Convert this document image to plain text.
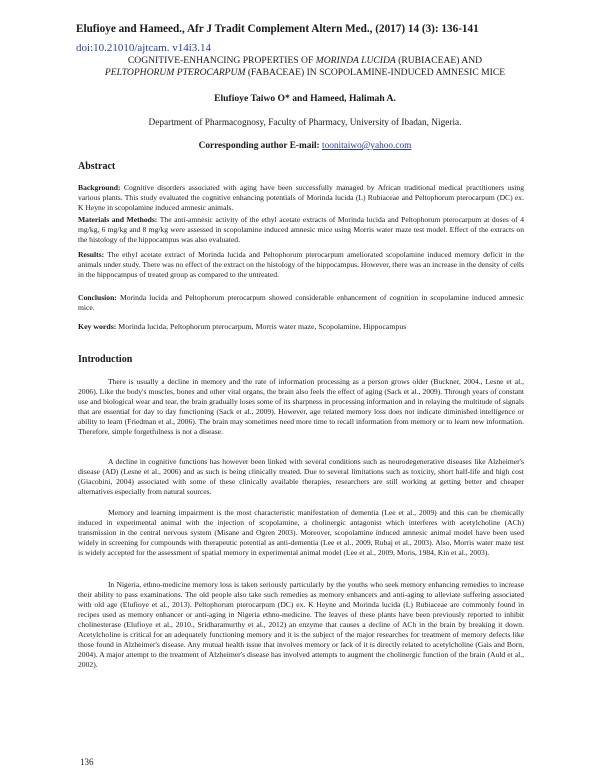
Elufioye and Hameed., Afr J Tradit Complement Altern Med., (2017) 14 (3): 136-141
doi:10.21010/ajtcam. v14i3.14
COGNITIVE-ENHANCING PROPERTIES OF MORINDA LUCIDA (RUBIACEAE) AND
PELTOPHORUM PTEROCARPUM (FABACEAE) IN SCOPOLAMINE-INDUCED AMNESIC MICE
Elufioye Taiwo O* and Hameed, Halimah A.
Department of Pharmacognosy, Faculty of Pharmacy, University of Ibadan, Nigeria.
Corresponding author E-mail: toonitaiwo@yahoo.com
Abstract

Background: Cognitive disorders associated with aging have been successfully managed by African traditional medical practitioners using various plants. This study evaluated the cognitive enhancing potentials of Morinda lucida (L) Rubiaceae and Peltophorum pterocarpum (DC) ex. K Heyne in scopolamine induced amnesic animals.

Materials and Methods: The anti-amnesic activity of the ethyl acetate extracts of Morinda lucida and Peltophorum pterocarpum at doses of 4 mg/kg, 6 mg/kg and 8 mg/kg were assessed in scopolamine induced amnesic mice using Morris water maze test model. Effect of the extracts on the histology of the hippocampus was also evaluated.

Results: The ethyl acetate extract of Morinda lucida and Peltophorum pterocarpum ameliorated scopolamine induced memory deficit in the animals under study. There was no effect of the extract on the histology of the hippocampus. However, there was an increase in the density of cells in the hippocampus of treated group as compared to the untreated.

Conclusion: Morinda lucida and Peltophorum pterocarpum showed considerable enhancement of cognition in scopolamine induced amnesic mice.

Key words: Morinda lucida, Peltophorum pterocarpum, Morris water maze, Scopolamine, Hippocampus
Introduction

There is usually a decline in memory and the rate of information processing as a person grows older (Buckner, 2004., Lesne et al., 2006). Like the body's muscles, bones and other vital organs, the brain also feels the effect of aging (Sack et al., 2009). Through years of constant use and biological wear and tear, the brain gradually loses some of its sharpness in processing information and in relaying the multitude of signals that are essential for day to day functioning (Sack et al., 2009). However, age related memory loss does not indicate diminished intelligence or ability to learn (Friedman et al., 2006). The brain may sometimes need more time to recall information from memory or to learn new information. Therefore, simple forgetfulness is not a disease.

A decline in cognitive functions has however been linked with several conditions such as neurodegenerative diseases like Alzheimer's disease (AD) (Lesne et al., 2006) and as such is being clinically treated. Due to several limitations such as toxicity, short half-life and high cost (Giacobini, 2004) associated with some of these clinically available therapies, researchers are still working at getting better and cheaper alternatives especially from natural sources.

Memory and learning impairment is the most characteristic manifestation of dementia (Lee et al., 2009) and this can be chemically induced in experimental animal with the injection of scopolamine, a cholinergic antagonist which interferes with acetylcholine (ACh) transmission in the central nervous system (Misane and Ogren 2003). Moreover, scopolamine induced amnesic animal model have been used widely in screening for compounds with therapeutic potential as anti-dementia (Lee et al., 2009, Rubaj et al., 2003). Also, Morris water maze test is widely accepted for the assessment of spatial memory in experimental animal model (Lee et al., 2009, Moris, 1984, Kin et al., 2003).

In Nigeria, ethno-medicine memory loss is taken seriously particularly by the youths who seek memory enhancing remedies to increase their ability to pass examinations. The old people also take such remedies as memory enhancers and anti-aging to alleviate suffering associated with old age (Elufioye et al., 2013). Peltophorum pterocarpum (DC) ex. K Heyne and Morinda lucida (L) Rubiaceae are commonly found in recipes used as memory enhancer or anti-aging in Nigeria ethno-medicine. The leaves of these plants have been previously reported to inhibit cholinesterase (Elufioye et al., 2010., Sridharamurthy et al., 2012) an enzyme that causes a decline of ACh in the brain by breaking it down. Acetylcholine is critical for an adequately functioning memory and it is the subject of the major researches for treatment of memory defects like those found in Alzheimer's disease. Any mutual health issue that involves memory or lack of it is directly related to acetylcholine (Gais and Born, 2004). A major attempt to the treatment of Alzheimer's disease has involved attempts to augment the cholinergic function of the brain (Auld et al., 2002).

136
